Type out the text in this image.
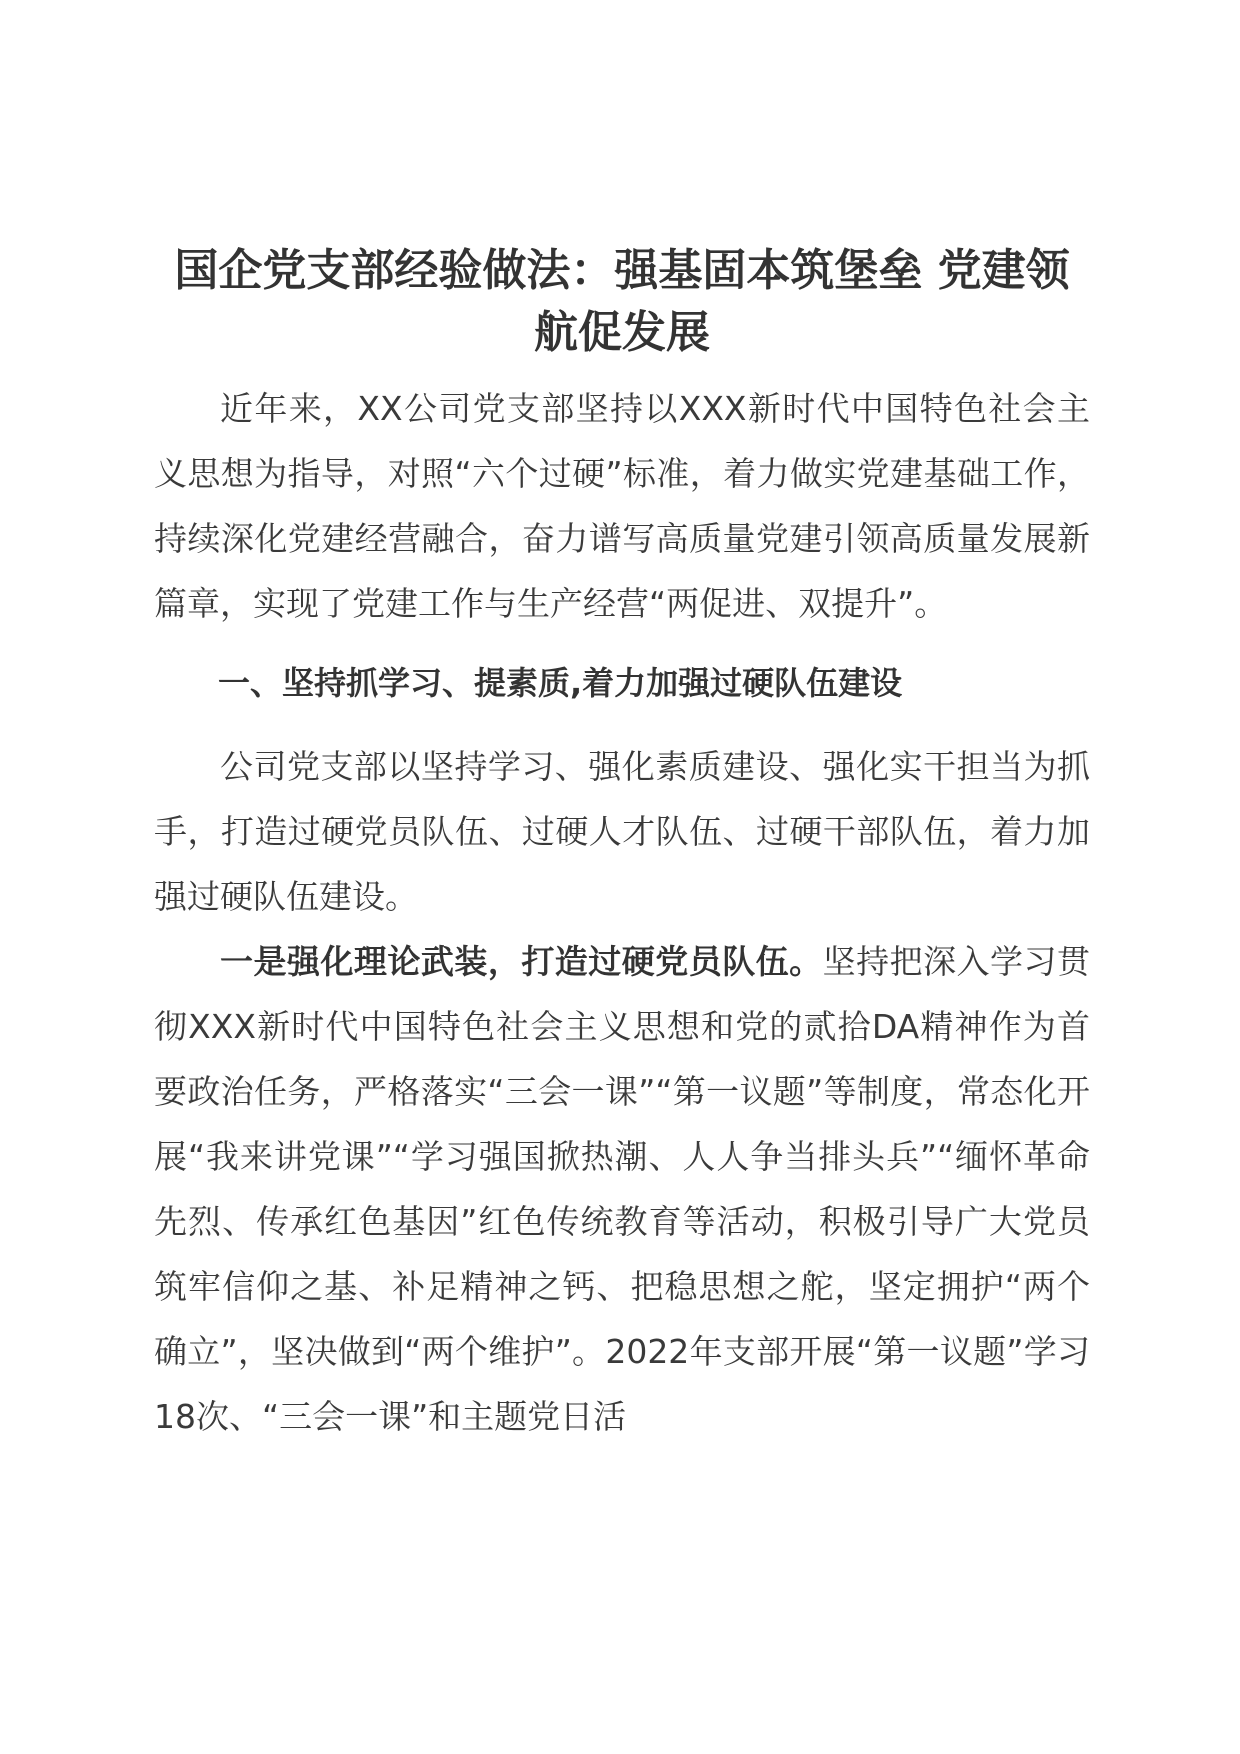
国企党支部经验做法：强基固本筑堡垒 党建领航促发展

近年来，XX公司党支部坚持以XXX新时代中国特色社会主义思想为指导，对照“六个过硬”标准，着力做实党建基础工作，持续深化党建经营融合，奋力谱写高质量党建引领高质量发展新篇章，实现了党建工作与生产经营“两促进、双提升”。

一、坚持抓学习、提素质,着力加强过硬队伍建设

公司党支部以坚持学习、强化素质建设、强化实干担当为抓手，打造过硬党员队伍、过硬人才队伍、过硬干部队伍，着力加强过硬队伍建设。

一是强化理论武装，打造过硬党员队伍。坚持把深入学习贯彻XXX新时代中国特色社会主义思想和党的贰拾DA精神作为首要政治任务，严格落实“三会一课”“第一议题”等制度，常态化开展“我来讲党课”“学习强国掀热潮、人人争当排头兵”“缅怀革命先烈、传承红色基因”红色传统教育等活动，积极引导广大党员筑牢信仰之基、补足精神之钙、把稳思想之舵，坚定拥护“两个确立”，坚决做到“两个维护”。2022年支部开展“第一议题”学习18次、“三会一课”和主题党日活
